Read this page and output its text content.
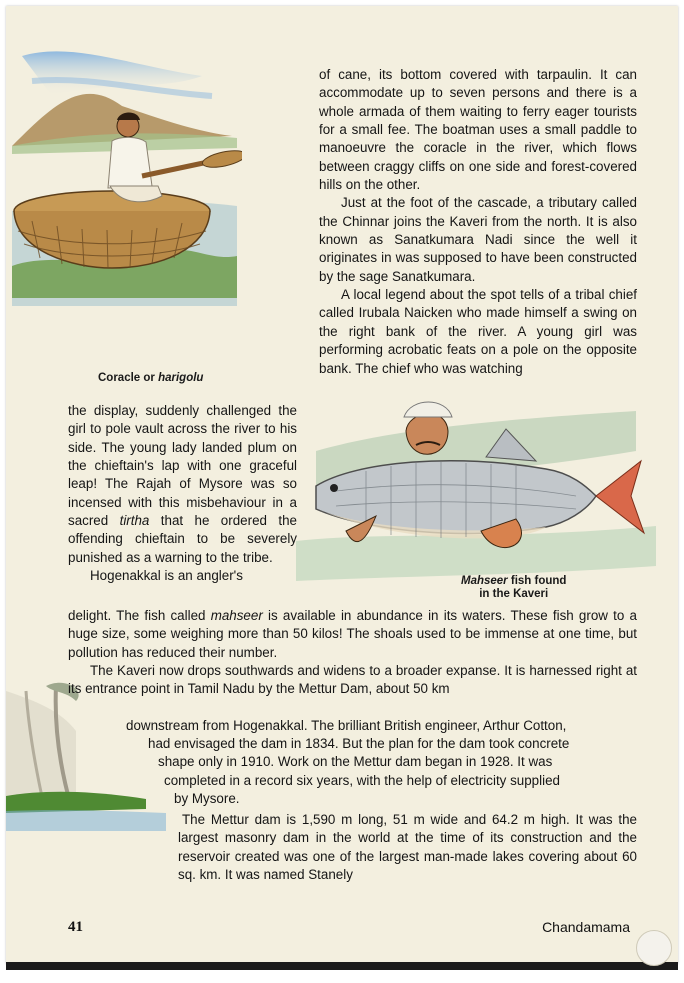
Coracle or harigolu
Mahseer fish found
in the Kaveri

of cane, its bottom covered with tarpaulin. It can accommodate up to seven persons and there is a whole armada of them waiting to ferry eager tourists for a small fee. The boatman uses a small paddle to manoeuvre the coracle in the river, which flows between craggy cliffs on one side and forest-covered hills on the other.

Just at the foot of the cascade, a tributary called the Chinnar joins the Kaveri from the north. It is also known as Sanatkumara Nadi since the well it originates in was supposed to have been constructed by the sage Sanatkumara.

A local legend about the spot tells of a tribal chief called Irubala Naicken who made himself a swing on the right bank of the river. A young girl was performing acrobatic feats on a pole on the opposite bank. The chief who was watching

the display, suddenly challenged the girl to pole vault across the river to his side. The young lady landed plum on the chieftain's lap with one graceful leap! The Rajah of Mysore was so incensed with this misbehaviour in a sacred tirtha that he ordered the offending chieftain to be severely punished as a warning to the tribe.

Hogenakkal is an angler's

delight. The fish called mahseer is available in abundance in its waters. These fish grow to a huge size, some weighing more than 50 kilos! The shoals used to be immense at one time, but pollution has reduced their number.

The Kaveri now drops southwards and widens to a broader expanse. It is harnessed right at its entrance point in Tamil Nadu by the Mettur Dam, about 50 km

downstream from Hogenakkal. The brilliant British engineer, Arthur Cotton,
had envisaged the dam in 1834. But the plan for the dam took concrete
shape only in 1910. Work on the Mettur dam began in 1928. It was
completed in a record six years, with the help of electricity supplied
by Mysore.
The Mettur dam is 1,590 m long, 51 m wide and 64.2 m high. It was the largest masonry dam in the world at the time of its construction and the reservoir created was one of the largest man-made lakes covering about 60 sq. km. It was named Stanely
41	Chandamama
